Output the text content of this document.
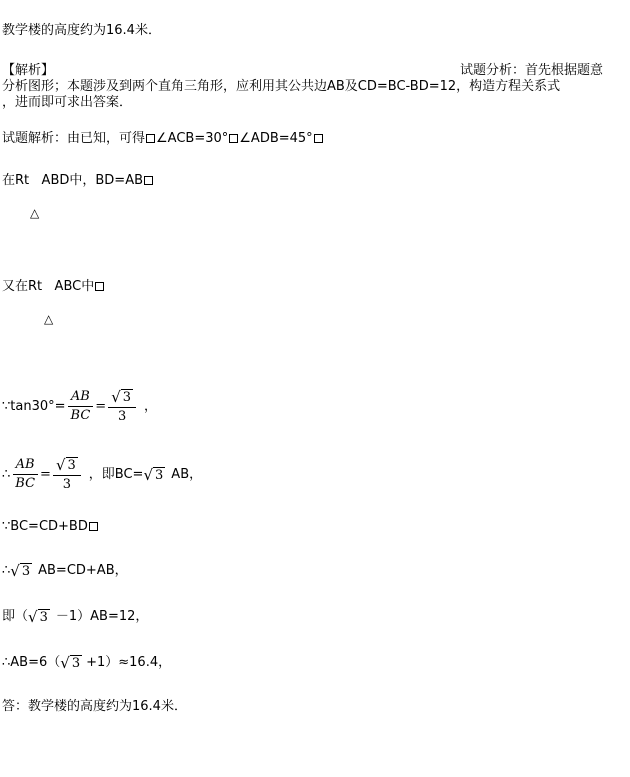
教学楼的高度约为16.4米．
【解析】	试题分析：首先根据题意
分析图形；本题涉及到两个直角三角形，应利用其公共边AB及CD=BC-BD=12，构造方程关系式
，进而即可求出答案．
试题解析：由已知，可得 ∠ACB=30° ∠ADB=45°
在Rt ABD中，BD=AB
△
又在Rt ABC中
△
∵ $\tan 30^\circ= \frac{AB}{BC} = \frac{√ 3}{3}$ ，
∴ $\frac{AB}{BC} = \frac{√ 3}{3}$ ，即BC= √ 3 AB，
∵BC=CD+BD
∴ √ 3 AB=CD+AB，
即（ √ 3 －1）AB=12，
∴ AB=6（ √ 3 +1）≈16.4，
答：教学楼的高度约为16.4米．
